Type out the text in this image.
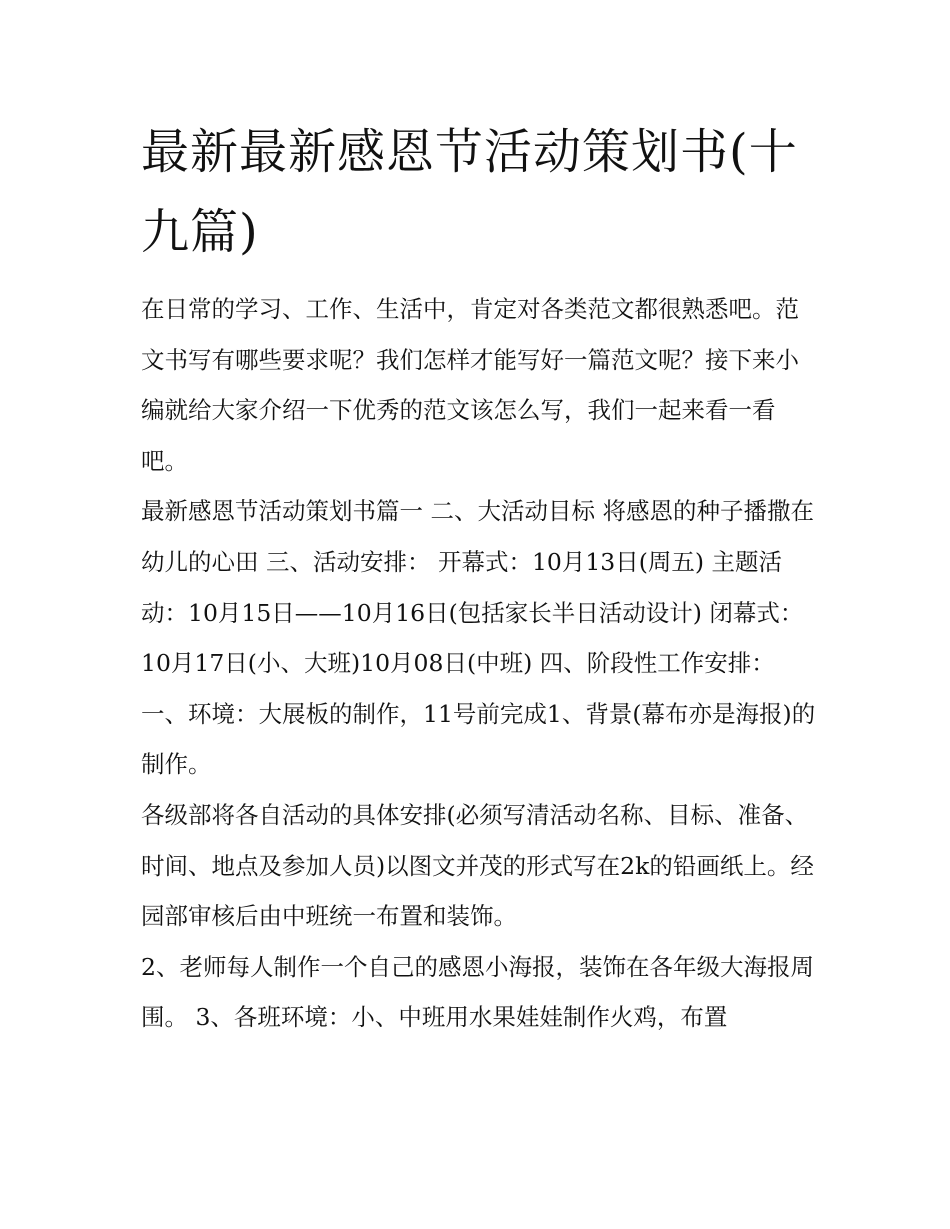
最新最新感恩节活动策划书(十九篇)

在日常的学习、工作、生活中，肯定对各类范文都很熟悉吧。范文书写有哪些要求呢？我们怎样才能写好一篇范文呢？接下来小编就给大家介绍一下优秀的范文该怎么写，我们一起来看一看吧。

最新感恩节活动策划书篇一 二、大活动目标 将感恩的种子播撒在幼儿的心田 三、活动安排： 开幕式：10月13日(周五) 主题活动：10月15日——10月16日(包括家长半日活动设计) 闭幕式：10月17日(小、大班)10月08日(中班) 四、阶段性工作安排：

一、环境：大展板的制作，11号前完成1、背景(幕布亦是海报)的制作。

各级部将各自活动的具体安排(必须写清活动名称、目标、准备、时间、地点及参加人员)以图文并茂的形式写在2k的铅画纸上。经园部审核后由中班统一布置和装饰。

2、老师每人制作一个自己的感恩小海报，装饰在各年级大海报周围。 3、各班环境：小、中班用水果娃娃制作火鸡，布置
